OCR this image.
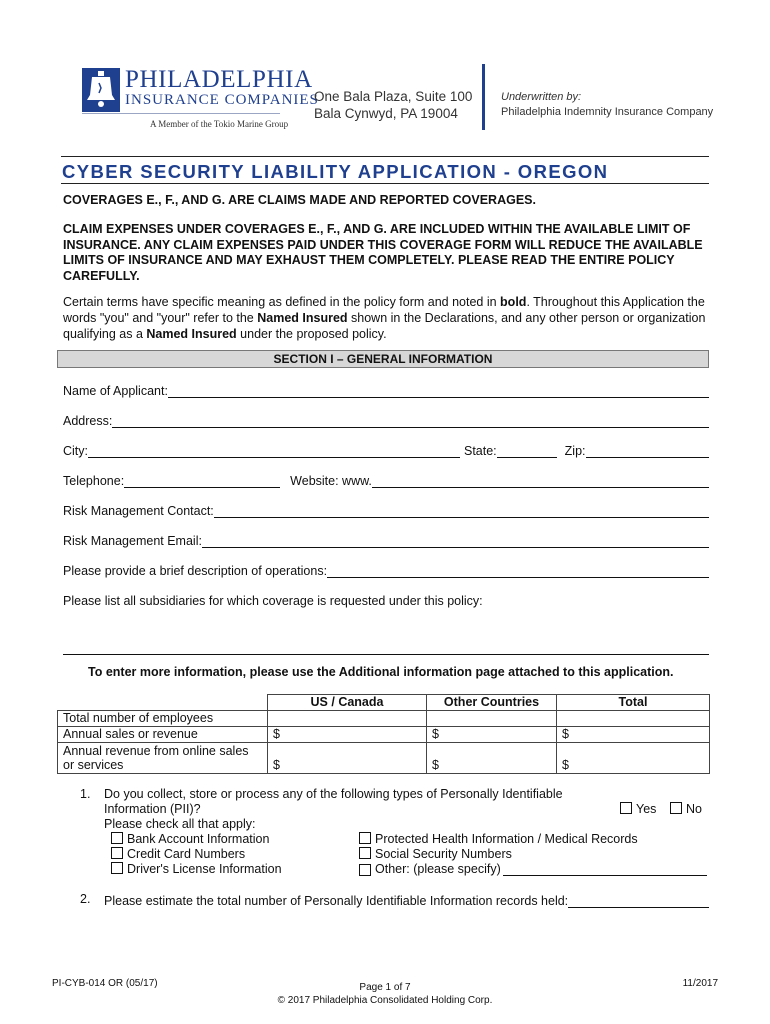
PHILADELPHIA
INSURANCE COMPANIES
A Member of the Tokio Marine Group
One Bala Plaza, Suite 100
Bala Cynwyd, PA 19004
Underwritten by:
Philadelphia Indemnity Insurance Company
CYBER SECURITY LIABILITY APPLICATION - OREGON
COVERAGES E., F., AND G. ARE CLAIMS MADE AND REPORTED COVERAGES.
CLAIM EXPENSES UNDER COVERAGES E., F., AND G. ARE INCLUDED WITHIN THE AVAILABLE LIMIT OF INSURANCE. ANY CLAIM EXPENSES PAID UNDER THIS COVERAGE FORM WILL REDUCE THE AVAILABLE LIMITS OF INSURANCE AND MAY EXHAUST THEM COMPLETELY. PLEASE READ THE ENTIRE POLICY CAREFULLY.
Certain terms have specific meaning as defined in the policy form and noted in bold. Throughout this Application the words "you" and "your" refer to the Named Insured shown in the Declarations, and any other person or organization qualifying as a Named Insured under the proposed policy.
SECTION I – GENERAL INFORMATION
Name of Applicant:
Address:
City:	State:	Zip:
Telephone:	Website: www.
Risk Management Contact:
Risk Management Email:
Please provide a brief description of operations:
Please list all subsidiaries for which coverage is requested under this policy:
To enter more information, please use the Additional information page attached to this application.
	US / Canada	Other Countries	Total
Total number of employees			
Annual sales or revenue	$	$	$

Annual revenue from online sales	$	$	$
or services			
1. Do you collect, store or process any of the following types of Personally Identifiable
Information (PII)?
Please check all that apply:
Yes	No
Bank Account Information
Credit Card Numbers
Driver's License Information
Protected Health Information / Medical Records
Social Security Numbers
Other: (please specify)
2. Please estimate the total number of Personally Identifiable Information records held:
PI-CYB-014 OR (05/17)	Page 1 of 7
© 2017 Philadelphia Consolidated Holding Corp.
11/2017
